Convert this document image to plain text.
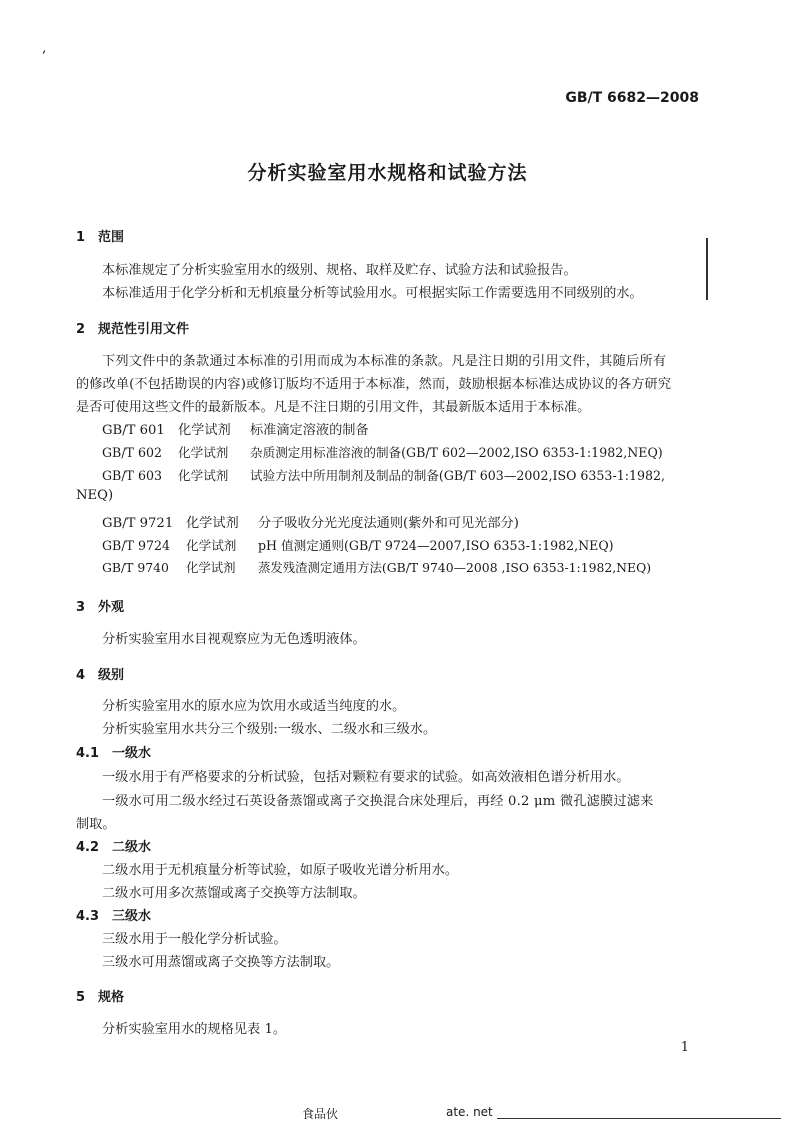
,
GB/T 6682—2008
分析实验室用水规格和试验方法
1　范围
本标准规定了分析实验室用水的级别、规格、取样及贮存、试验方法和试验报告。
本标准适用于化学分析和无机痕量分析等试验用水。可根据实际工作需要选用不同级别的水。
2　规范性引用文件
下列文件中的条款通过本标准的引用而成为本标准的条款。凡是注日期的引用文件，其随后所有
的修改单(不包括勘误的内容)或修订版均不适用于本标准，然而，鼓励根据本标准达成协议的各方研究
是否可使用这些文件的最新版本。凡是不注日期的引用文件，其最新版本适用于本标准。
GB/T 601 化学试剂 标准滴定溶液的制备
GB/T 602 化学试剂 杂质测定用标准溶液的制备(GB/T 602—2002,ISO 6353-1:1982,NEQ)
GB/T 603 化学试剂 试验方法中所用制剂及制品的制备(GB/T 603—2002,ISO 6353-1:1982,
NEQ)
GB/T 9721 化学试剂 分子吸收分光光度法通则(紫外和可见光部分)
GB/T 9724 化学试剂 pH 值测定通则(GB/T 9724—2007,ISO 6353-1:1982,NEQ)
GB/T 9740 化学试剂 蒸发残渣测定通用方法(GB/T 9740—2008 ,ISO 6353-1:1982,NEQ)
3　外观
分析实验室用水目视观察应为无色透明液体。
4　级别
分析实验室用水的原水应为饮用水或适当纯度的水。
分析实验室用水共分三个级别:一级水、二级水和三级水。
4.1　一级水
一级水用于有严格要求的分析试验，包括对颗粒有要求的试验。如高效液相色谱分析用水。
一级水可用二级水经过石英设备蒸馏或离子交换混合床处理后，再经 0.2 μm 微孔滤膜过滤来
制取。
4.2　二级水
二级水用于无机痕量分析等试验，如原子吸收光谱分析用水。
二级水可用多次蒸馏或离子交换等方法制取。
4.3　三级水
三级水用于一般化学分析试验。
三级水可用蒸馏或离子交换等方法制取。
5　规格
分析实验室用水的规格见表 1。
1
食品伙	ate. net
